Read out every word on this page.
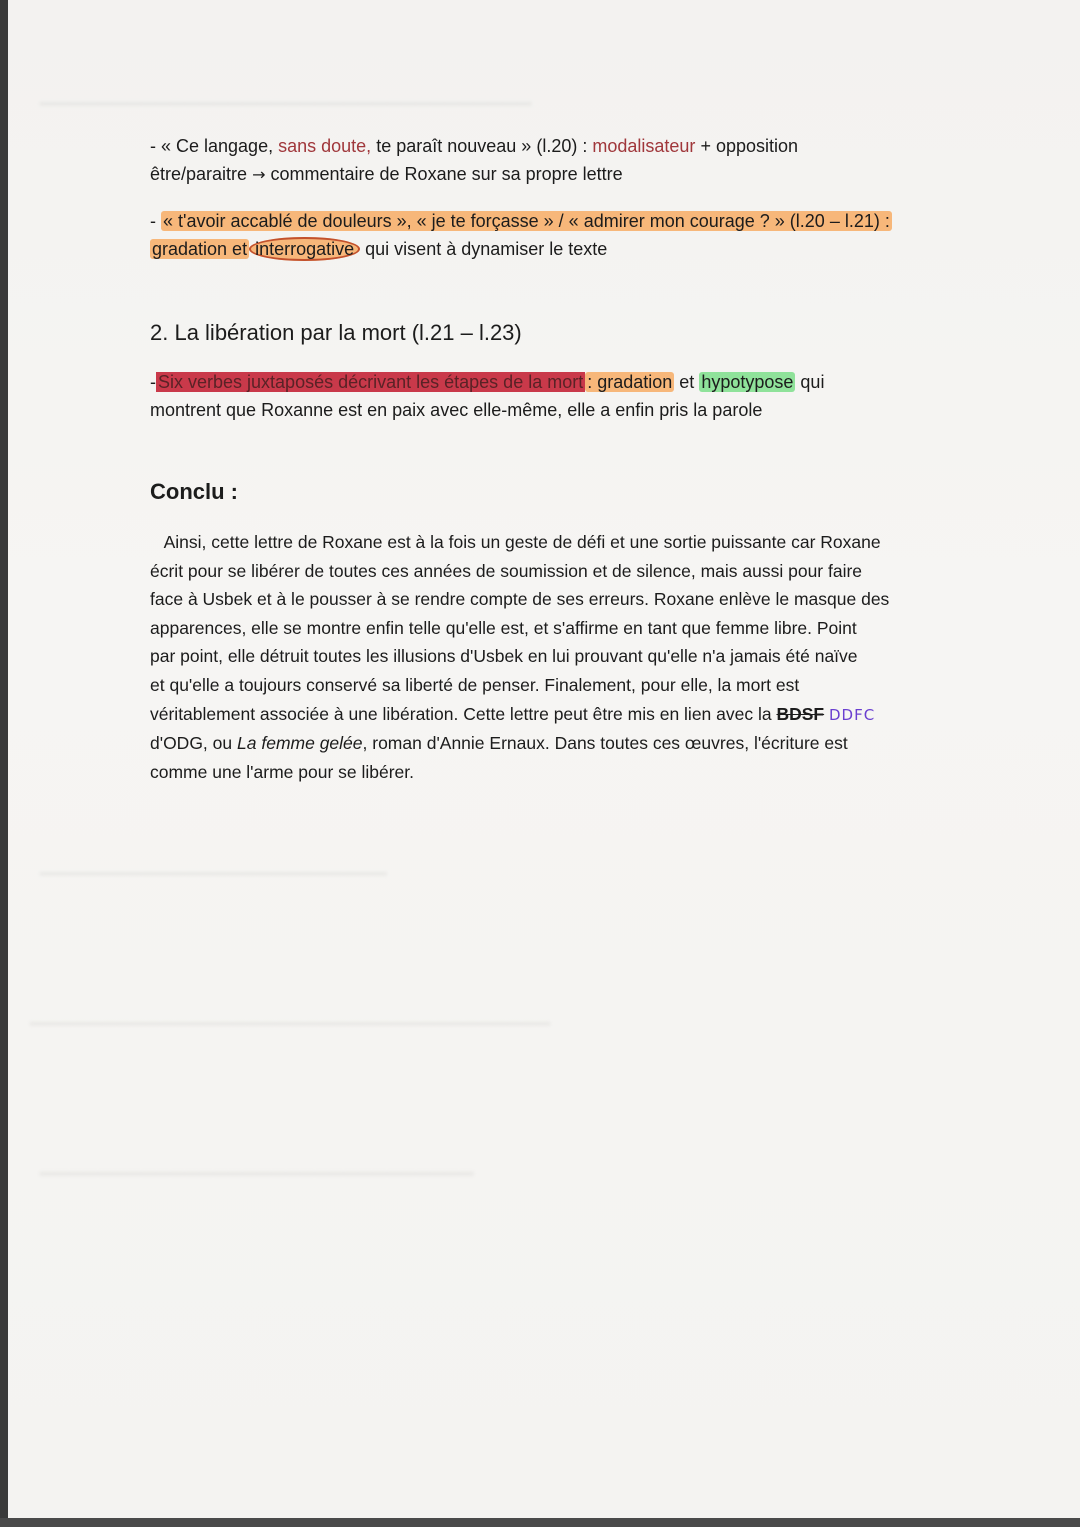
- « Ce langage, sans doute, te paraît nouveau » (l.20) : modalisateur + opposition
être/paraitre → commentaire de Roxane sur sa propre lettre
- « t'avoir accablé de douleurs », « je te forçasse » / « admirer mon courage ? » (l.20 – l.21) :
gradation et interrogative qui visent à dynamiser le texte
2. La libération par la mort (l.21 – l.23)
- Six verbes juxtaposés décrivant les étapes de la mort : gradation et hypotypose qui
montrent que Roxanne est en paix avec elle-même, elle a enfin pris la parole
Conclu :
Ainsi, cette lettre de Roxane est à la fois un geste de défi et une sortie puissante car Roxane
écrit pour se libérer de toutes ces années de soumission et de silence, mais aussi pour faire
face à Usbek et à le pousser à se rendre compte de ses erreurs. Roxane enlève le masque des
apparences, elle se montre enfin telle qu'elle est, et s'affirme en tant que femme libre. Point
par point, elle détruit toutes les illusions d'Usbek en lui prouvant qu'elle n'a jamais été naïve
et qu'elle a toujours conservé sa liberté de penser. Finalement, pour elle, la mort est
véritablement associée à une libération. Cette lettre peut être mis en lien avec la BDSF DDFC
d'ODG, ou La femme gelée, roman d'Annie Ernaux. Dans toutes ces œuvres, l'écriture est
comme une l'arme pour se libérer.
━━━━━━━━━━━━━━━━━━━━━━━━━━━━━━━━━━
━━━━━━━━━━━━━━━━━━━━━━━━
━━━━━━━━━━━━━━━━━━━━━━━━━━━━━━━━━━━━
━━━━━━━━━━━━━━━━━━━━━━━━━━━━━━
